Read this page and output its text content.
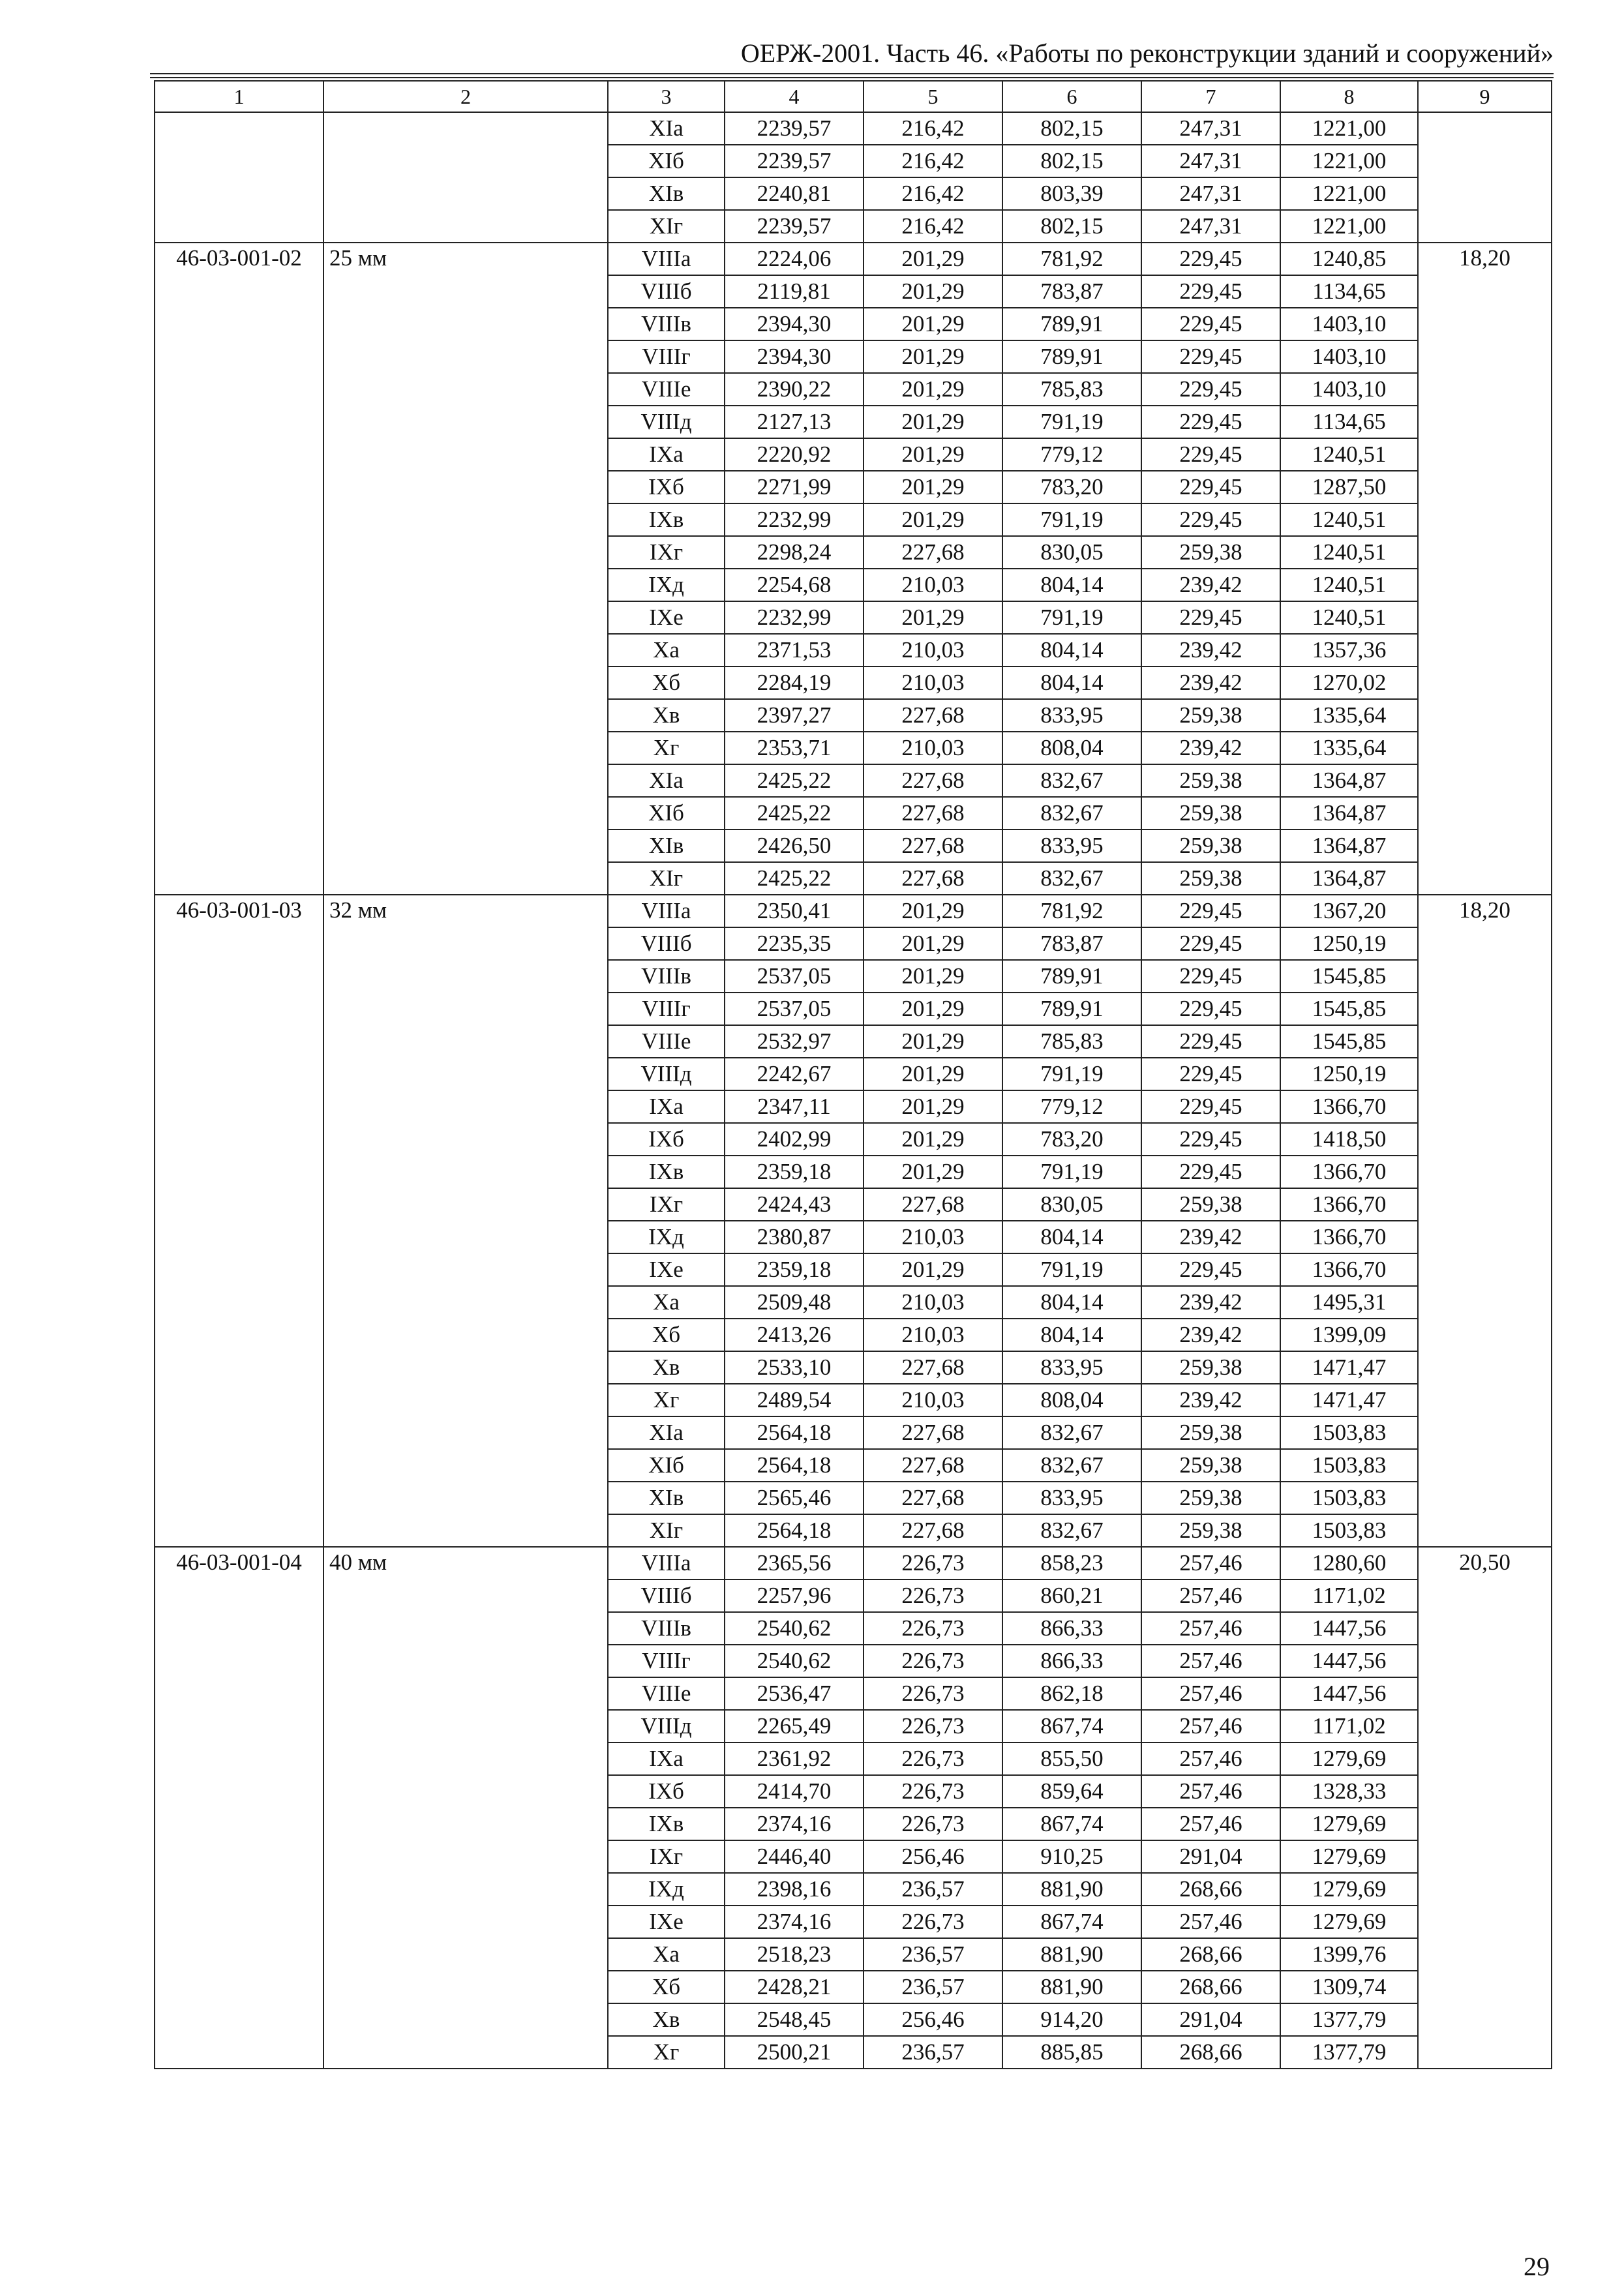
ОЕРЖ-2001. Часть 46. «Работы по реконструкции зданий и сооружений»
1	2	3	4	5	6	7	8	9
		XIа	2239,57	216,42	802,15	247,31	1221,00	
		XIб	2239,57	216,42	802,15	247,31	1221,00	
		XIв	2240,81	216,42	803,39	247,31	1221,00	
		XIг	2239,57	216,42	802,15	247,31	1221,00	
46-03-001-02	25 мм	VIIIа	2224,06	201,29	781,92	229,45	1240,85	18,20
		VIIIб	2119,81	201,29	783,87	229,45	1134,65	
		VIIIв	2394,30	201,29	789,91	229,45	1403,10	
		VIIIг	2394,30	201,29	789,91	229,45	1403,10	
		VIIIе	2390,22	201,29	785,83	229,45	1403,10	
		VIIIд	2127,13	201,29	791,19	229,45	1134,65	
		IXа	2220,92	201,29	779,12	229,45	1240,51	
		IXб	2271,99	201,29	783,20	229,45	1287,50	
		IXв	2232,99	201,29	791,19	229,45	1240,51	
		IXг	2298,24	227,68	830,05	259,38	1240,51	
		IXд	2254,68	210,03	804,14	239,42	1240,51	
		IXе	2232,99	201,29	791,19	229,45	1240,51	
		Xа	2371,53	210,03	804,14	239,42	1357,36	
		Xб	2284,19	210,03	804,14	239,42	1270,02	
		Xв	2397,27	227,68	833,95	259,38	1335,64	
		Xг	2353,71	210,03	808,04	239,42	1335,64	
		XIа	2425,22	227,68	832,67	259,38	1364,87	
		XIб	2425,22	227,68	832,67	259,38	1364,87	
		XIв	2426,50	227,68	833,95	259,38	1364,87	
		XIг	2425,22	227,68	832,67	259,38	1364,87	
46-03-001-03	32 мм	VIIIа	2350,41	201,29	781,92	229,45	1367,20	18,20
		VIIIб	2235,35	201,29	783,87	229,45	1250,19	
		VIIIв	2537,05	201,29	789,91	229,45	1545,85	
		VIIIг	2537,05	201,29	789,91	229,45	1545,85	
		VIIIе	2532,97	201,29	785,83	229,45	1545,85	
		VIIIд	2242,67	201,29	791,19	229,45	1250,19	
		IXа	2347,11	201,29	779,12	229,45	1366,70	
		IXб	2402,99	201,29	783,20	229,45	1418,50	
		IXв	2359,18	201,29	791,19	229,45	1366,70	
		IXг	2424,43	227,68	830,05	259,38	1366,70	
		IXд	2380,87	210,03	804,14	239,42	1366,70	
		IXе	2359,18	201,29	791,19	229,45	1366,70	
		Xа	2509,48	210,03	804,14	239,42	1495,31	
		Xб	2413,26	210,03	804,14	239,42	1399,09	
		Xв	2533,10	227,68	833,95	259,38	1471,47	
		Xг	2489,54	210,03	808,04	239,42	1471,47	
		XIа	2564,18	227,68	832,67	259,38	1503,83	
		XIб	2564,18	227,68	832,67	259,38	1503,83	
		XIв	2565,46	227,68	833,95	259,38	1503,83	
		XIг	2564,18	227,68	832,67	259,38	1503,83	
46-03-001-04	40 мм	VIIIа	2365,56	226,73	858,23	257,46	1280,60	20,50
		VIIIб	2257,96	226,73	860,21	257,46	1171,02	
		VIIIв	2540,62	226,73	866,33	257,46	1447,56	
		VIIIг	2540,62	226,73	866,33	257,46	1447,56	
		VIIIе	2536,47	226,73	862,18	257,46	1447,56	
		VIIIд	2265,49	226,73	867,74	257,46	1171,02	
		IXа	2361,92	226,73	855,50	257,46	1279,69	
		IXб	2414,70	226,73	859,64	257,46	1328,33	
		IXв	2374,16	226,73	867,74	257,46	1279,69	
		IXг	2446,40	256,46	910,25	291,04	1279,69	
		IXд	2398,16	236,57	881,90	268,66	1279,69	
		IXе	2374,16	226,73	867,74	257,46	1279,69	
		Xа	2518,23	236,57	881,90	268,66	1399,76	
		Xб	2428,21	236,57	881,90	268,66	1309,74	
		Xв	2548,45	256,46	914,20	291,04	1377,79	
		Xг	2500,21	236,57	885,85	268,66	1377,79	
29
